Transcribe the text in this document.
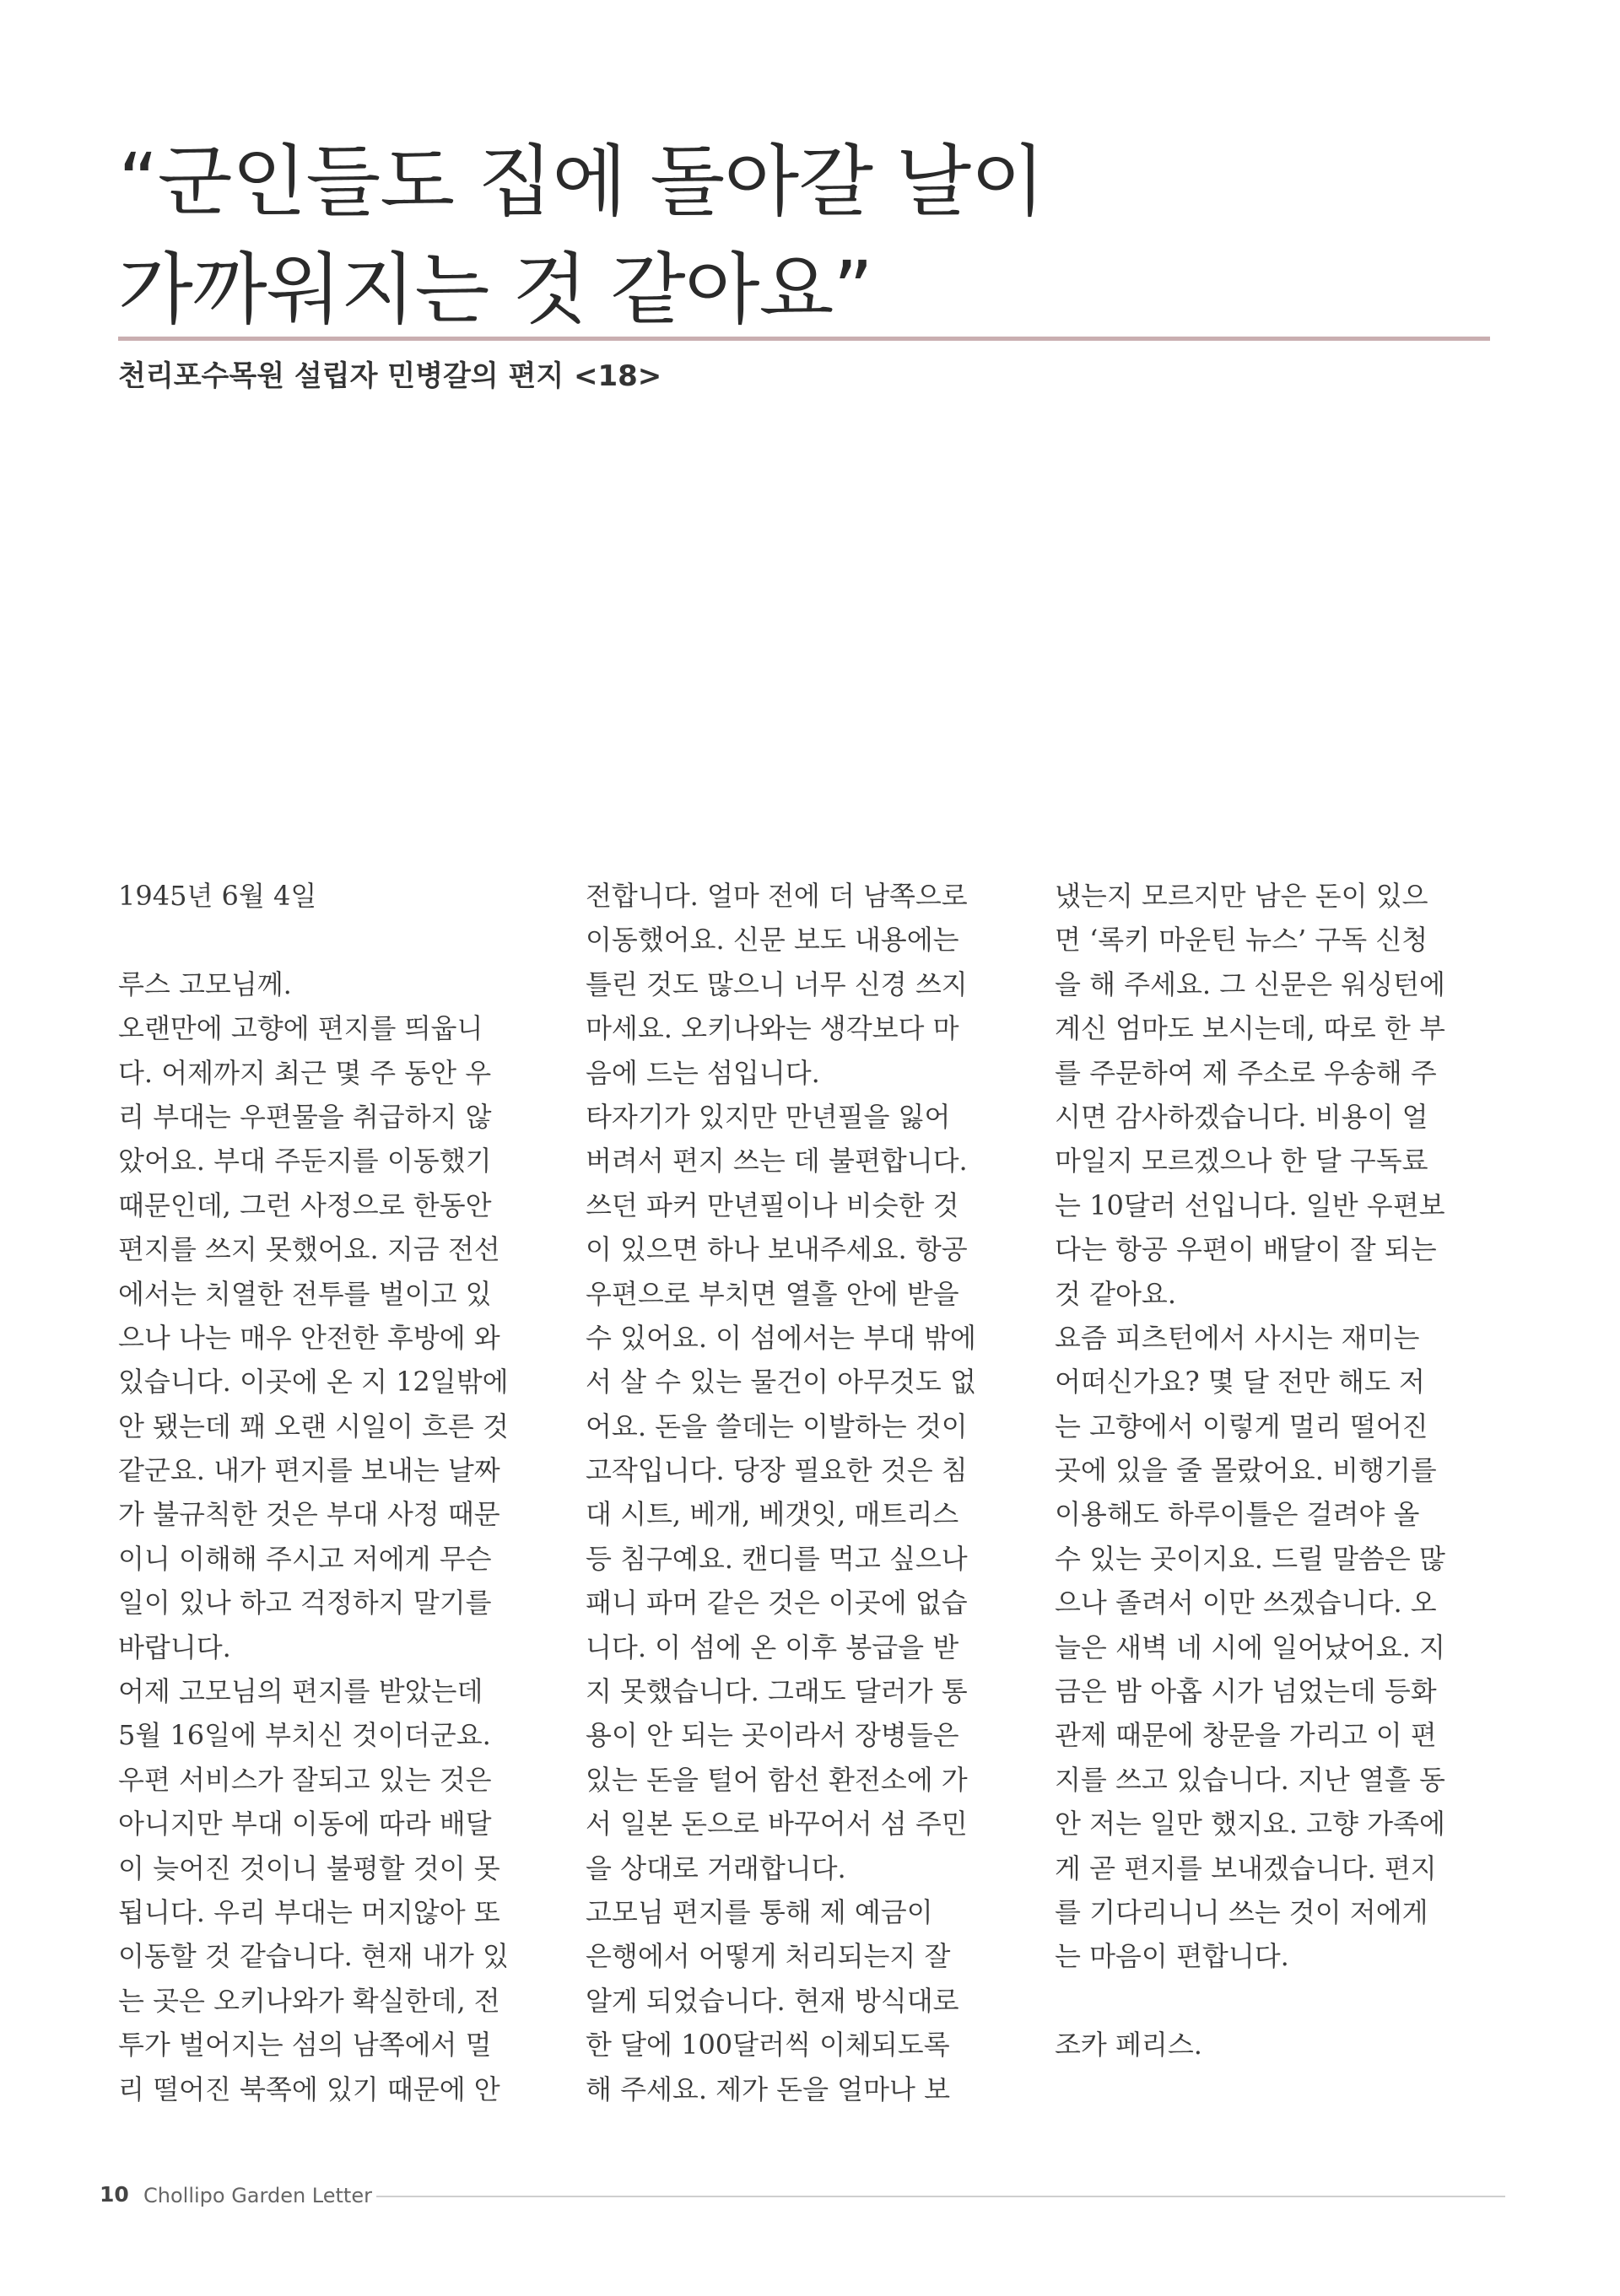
“군인들도 집에 돌아갈 날이
가까워지는 것 같아요”
천리포수목원 설립자 민병갈의 편지 <18>
1945년 6월 4일
루스 고모님께.
오랜만에 고향에 편지를 띄웁니
다. 어제까지 최근 몇 주 동안 우
리 부대는 우편물을 취급하지 않
았어요. 부대 주둔지를 이동했기
때문인데, 그런 사정으로 한동안
편지를 쓰지 못했어요. 지금 전선
에서는 치열한 전투를 벌이고 있
으나 나는 매우 안전한 후방에 와
있습니다. 이곳에 온 지 12일밖에
안 됐는데 꽤 오랜 시일이 흐른 것
같군요. 내가 편지를 보내는 날짜
가 불규칙한 것은 부대 사정 때문
이니 이해해 주시고 저에게 무슨
일이 있나 하고 걱정하지 말기를
바랍니다.
어제 고모님의 편지를 받았는데
5월 16일에 부치신 것이더군요.
우편 서비스가 잘되고 있는 것은
아니지만 부대 이동에 따라 배달
이 늦어진 것이니 불평할 것이 못
됩니다. 우리 부대는 머지않아 또
이동할 것 같습니다. 현재 내가 있
는 곳은 오키나와가 확실한데, 전
투가 벌어지는 섬의 남쪽에서 멀
리 떨어진 북쪽에 있기 때문에 안
전합니다. 얼마 전에 더 남쪽으로
이동했어요. 신문 보도 내용에는
틀린 것도 많으니 너무 신경 쓰지
마세요. 오키나와는 생각보다 마
음에 드는 섬입니다.
타자기가 있지만 만년필을 잃어
버려서 편지 쓰는 데 불편합니다.
쓰던 파커 만년필이나 비슷한 것
이 있으면 하나 보내주세요. 항공
우편으로 부치면 열흘 안에 받을
수 있어요. 이 섬에서는 부대 밖에
서 살 수 있는 물건이 아무것도 없
어요. 돈을 쓸데는 이발하는 것이
고작입니다. 당장 필요한 것은 침
대 시트, 베개, 베갯잇, 매트리스
등 침구예요. 캔디를 먹고 싶으나
패니 파머 같은 것은 이곳에 없습
니다. 이 섬에 온 이후 봉급을 받
지 못했습니다. 그래도 달러가 통
용이 안 되는 곳이라서 장병들은
있는 돈을 털어 함선 환전소에 가
서 일본 돈으로 바꾸어서 섬 주민
을 상대로 거래합니다.
고모님 편지를 통해 제 예금이
은행에서 어떻게 처리되는지 잘
알게 되었습니다. 현재 방식대로
한 달에 100달러씩 이체되도록
해 주세요. 제가 돈을 얼마나 보
냈는지 모르지만 남은 돈이 있으
면 ‘록키 마운틴 뉴스’ 구독 신청
을 해 주세요. 그 신문은 워싱턴에
계신 엄마도 보시는데, 따로 한 부
를 주문하여 제 주소로 우송해 주
시면 감사하겠습니다. 비용이 얼
마일지 모르겠으나 한 달 구독료
는 10달러 선입니다. 일반 우편보
다는 항공 우편이 배달이 잘 되는
것 같아요.
요즘 피츠턴에서 사시는 재미는
어떠신가요? 몇 달 전만 해도 저
는 고향에서 이렇게 멀리 떨어진
곳에 있을 줄 몰랐어요. 비행기를
이용해도 하루이틀은 걸려야 올
수 있는 곳이지요. 드릴 말씀은 많
으나 졸려서 이만 쓰겠습니다. 오
늘은 새벽 네 시에 일어났어요. 지
금은 밤 아홉 시가 넘었는데 등화
관제 때문에 창문을 가리고 이 편
지를 쓰고 있습니다. 지난 열흘 동
안 저는 일만 했지요. 고향 가족에
게 곧 편지를 보내겠습니다. 편지
를 기다리니니 쓰는 것이 저에게
는 마음이 편합니다.
조카 페리스.
10 Chollipo Garden Letter
